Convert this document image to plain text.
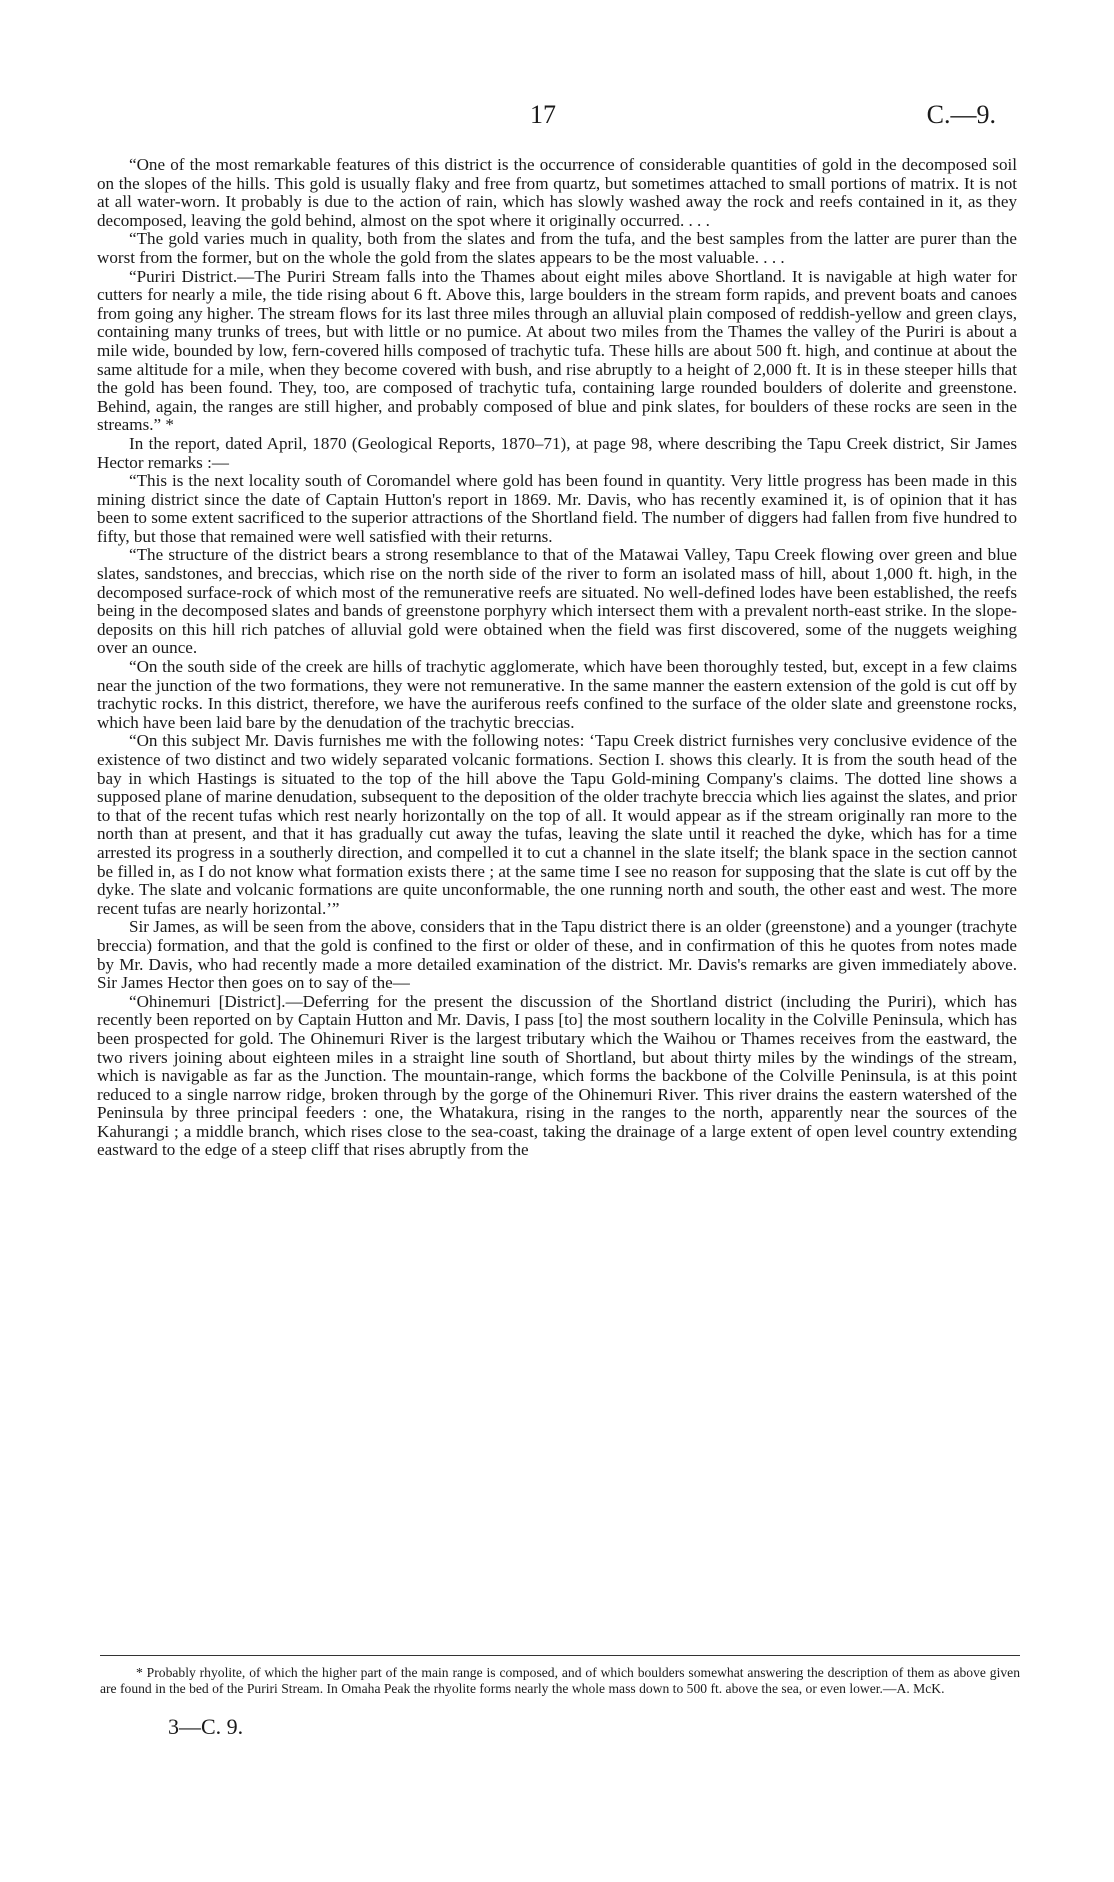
17	C.—9.

“One of the most remarkable features of this district is the occurrence of considerable quantities of gold in the decomposed soil on the slopes of the hills. This gold is usually flaky and free from quartz, but sometimes attached to small portions of matrix. It is not at all water-worn. It probably is due to the action of rain, which has slowly washed away the rock and reefs contained in it, as they decomposed, leaving the gold behind, almost on the spot where it originally occurred. . . .

“The gold varies much in quality, both from the slates and from the tufa, and the best samples from the latter are purer than the worst from the former, but on the whole the gold from the slates appears to be the most valuable. . . .

“Puriri District.—The Puriri Stream falls into the Thames about eight miles above Shortland. It is navigable at high water for cutters for nearly a mile, the tide rising about 6 ft. Above this, large boulders in the stream form rapids, and prevent boats and canoes from going any higher. The stream flows for its last three miles through an alluvial plain composed of reddish-yellow and green clays, containing many trunks of trees, but with little or no pumice. At about two miles from the Thames the valley of the Puriri is about a mile wide, bounded by low, fern-covered hills composed of trachytic tufa. These hills are about 500 ft. high, and continue at about the same altitude for a mile, when they become covered with bush, and rise abruptly to a height of 2,000 ft. It is in these steeper hills that the gold has been found. They, too, are composed of trachytic tufa, containing large rounded boulders of dolerite and greenstone. Behind, again, the ranges are still higher, and probably composed of blue and pink slates, for boulders of these rocks are seen in the streams.” *

In the report, dated April, 1870 (Geological Reports, 1870–71), at page 98, where describing the Tapu Creek district, Sir James Hector remarks :—

“This is the next locality south of Coromandel where gold has been found in quantity. Very little progress has been made in this mining district since the date of Captain Hutton's report in 1869. Mr. Davis, who has recently examined it, is of opinion that it has been to some extent sacrificed to the superior attractions of the Shortland field. The number of diggers had fallen from five hundred to fifty, but those that remained were well satisfied with their returns.

“The structure of the district bears a strong resemblance to that of the Matawai Valley, Tapu Creek flowing over green and blue slates, sandstones, and breccias, which rise on the north side of the river to form an isolated mass of hill, about 1,000 ft. high, in the decomposed surface-rock of which most of the remunerative reefs are situated. No well-defined lodes have been established, the reefs being in the decomposed slates and bands of greenstone porphyry which intersect them with a prevalent north-east strike. In the slope-deposits on this hill rich patches of alluvial gold were obtained when the field was first discovered, some of the nuggets weighing over an ounce.

“On the south side of the creek are hills of trachytic agglomerate, which have been thoroughly tested, but, except in a few claims near the junction of the two formations, they were not remunerative. In the same manner the eastern extension of the gold is cut off by trachytic rocks. In this district, therefore, we have the auriferous reefs confined to the surface of the older slate and greenstone rocks, which have been laid bare by the denudation of the trachytic breccias.

“On this subject Mr. Davis furnishes me with the following notes: ‘Tapu Creek district furnishes very conclusive evidence of the existence of two distinct and two widely separated volcanic formations. Section I. shows this clearly. It is from the south head of the bay in which Hastings is situated to the top of the hill above the Tapu Gold-mining Company's claims. The dotted line shows a supposed plane of marine denudation, subsequent to the deposition of the older trachyte breccia which lies against the slates, and prior to that of the recent tufas which rest nearly horizontally on the top of all. It would appear as if the stream originally ran more to the north than at present, and that it has gradually cut away the tufas, leaving the slate until it reached the dyke, which has for a time arrested its progress in a southerly direction, and compelled it to cut a channel in the slate itself; the blank space in the section cannot be filled in, as I do not know what formation exists there ; at the same time I see no reason for supposing that the slate is cut off by the dyke. The slate and volcanic formations are quite unconformable, the one running north and south, the other east and west. The more recent tufas are nearly horizontal.’”

Sir James, as will be seen from the above, considers that in the Tapu district there is an older (greenstone) and a younger (trachyte breccia) formation, and that the gold is confined to the first or older of these, and in confirmation of this he quotes from notes made by Mr. Davis, who had recently made a more detailed examination of the district. Mr. Davis's remarks are given immediately above. Sir James Hector then goes on to say of the—

“Ohinemuri [District].—Deferring for the present the discussion of the Shortland district (including the Puriri), which has recently been reported on by Captain Hutton and Mr. Davis, I pass [to] the most southern locality in the Colville Peninsula, which has been prospected for gold. The Ohinemuri River is the largest tributary which the Waihou or Thames receives from the eastward, the two rivers joining about eighteen miles in a straight line south of Shortland, but about thirty miles by the windings of the stream, which is navigable as far as the Junction. The mountain-range, which forms the backbone of the Colville Peninsula, is at this point reduced to a single narrow ridge, broken through by the gorge of the Ohinemuri River. This river drains the eastern watershed of the Peninsula by three principal feeders : one, the Whatakura, rising in the ranges to the north, apparently near the sources of the Kahurangi ; a middle branch, which rises close to the sea-coast, taking the drainage of a large extent of open level country extending eastward to the edge of a steep cliff that rises abruptly from the

* Probably rhyolite, of which the higher part of the main range is composed, and of which boulders somewhat answering the description of them as above given are found in the bed of the Puriri Stream. In Omaha Peak the rhyolite forms nearly the whole mass down to 500 ft. above the sea, or even lower.—A. McK.

3—C. 9.
